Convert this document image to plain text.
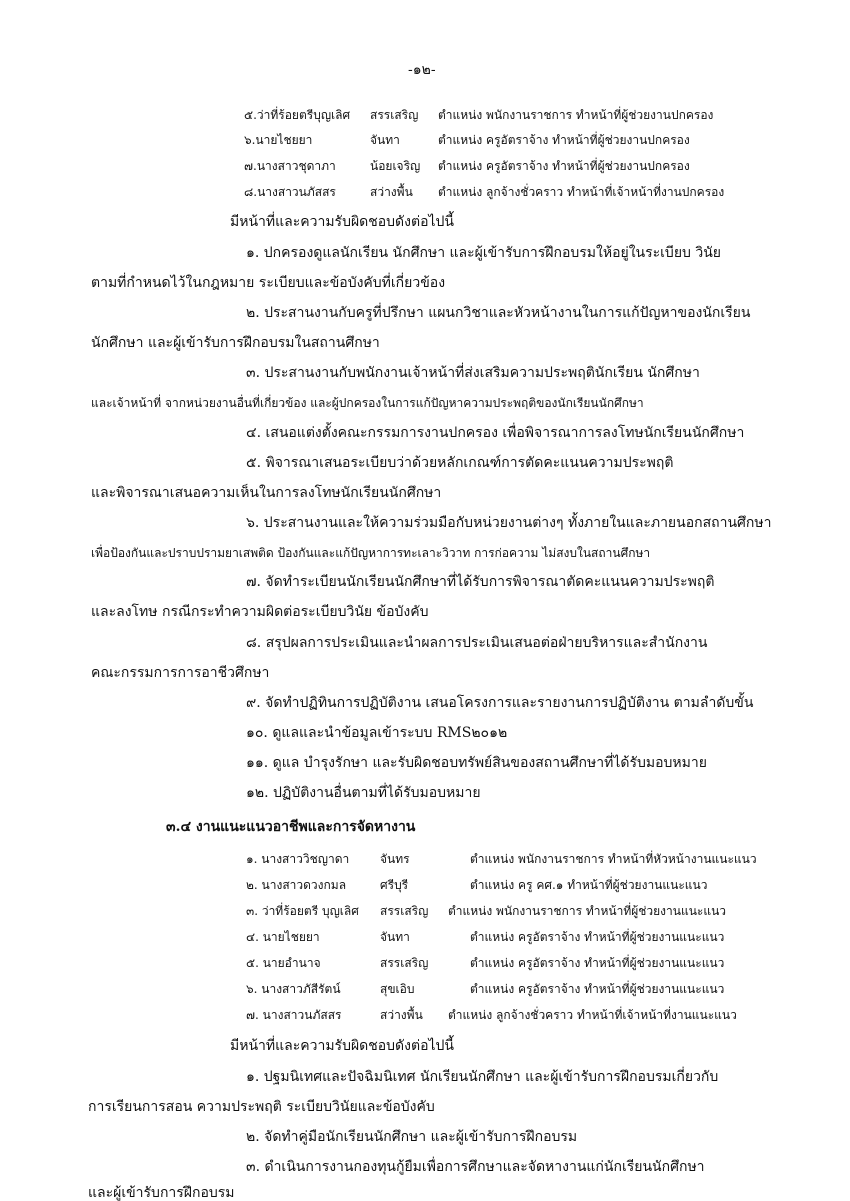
-๑๒-
๕.ว่าที่ร้อยตรีบุญเลิศ สรรเสริญ ตำแหน่ง พนักงานราชการ ทำหน้าที่ผู้ช่วยงานปกครอง
๖.นายไชยยา	จันทา	ตำแหน่ง ครูอัตราจ้าง ทำหน้าที่ผู้ช่วยงานปกครอง
๗.นางสาวชุดาภา	น้อยเจริญ ตำแหน่ง ครูอัตราจ้าง ทำหน้าที่ผู้ช่วยงานปกครอง
๘.นางสาวนภัสสร	สว่างพื้น ตำแหน่ง ลูกจ้างชั่วคราว ทำหน้าที่เจ้าหน้าที่งานปกครอง
มีหน้าที่และความรับผิดชอบดังต่อไปนี้
๑. ปกครองดูแลนักเรียน นักศึกษา และผู้เข้ารับการฝึกอบรมให้อยู่ในระเบียบ วินัย
ตามที่กำหนดไว้ในกฎหมาย ระเบียบและข้อบังคับที่เกี่ยวข้อง
๒. ประสานงานกับครูที่ปรึกษา แผนกวิชาและหัวหน้างานในการแก้ปัญหาของนักเรียน
นักศึกษา และผู้เข้ารับการฝึกอบรมในสถานศึกษา
๓. ประสานงานกับพนักงานเจ้าหน้าที่ส่งเสริมความประพฤตินักเรียน นักศึกษา
และเจ้าหน้าที่ จากหน่วยงานอื่นที่เกี่ยวข้อง และผู้ปกครองในการแก้ปัญหาความประพฤติของนักเรียนนักศึกษา
๔. เสนอแต่งตั้งคณะกรรมการงานปกครอง เพื่อพิจารณาการลงโทษนักเรียนนักศึกษา
๕. พิจารณาเสนอระเบียบว่าด้วยหลักเกณฑ์การตัดคะแนนความประพฤติ
และพิจารณาเสนอความเห็นในการลงโทษนักเรียนนักศึกษา
๖. ประสานงานและให้ความร่วมมือกับหน่วยงานต่างๆ ทั้งภายในและภายนอกสถานศึกษา
เพื่อป้องกันและปราบปรามยาเสพติด ป้องกันและแก้ปัญหาการทะเลาะวิวาท การก่อความ ไม่สงบในสถานศึกษา
๗. จัดทำระเบียนนักเรียนนักศึกษาที่ได้รับการพิจารณาตัดคะแนนความประพฤติ
และลงโทษ กรณีกระทำความผิดต่อระเบียบวินัย ข้อบังคับ
๘. สรุปผลการประเมินและนำผลการประเมินเสนอต่อฝ่ายบริหารและสำนักงาน
คณะกรรมการการอาชีวศึกษา
๙. จัดทำปฏิทินการปฏิบัติงาน เสนอโครงการและรายงานการปฏิบัติงาน ตามลำดับขั้น
๑๐. ดูแลและนำข้อมูลเข้าระบบ RMS๒๐๑๒
๑๑. ดูแล บำรุงรักษา และรับผิดชอบทรัพย์สินของสถานศึกษาที่ได้รับมอบหมาย
๑๒. ปฏิบัติงานอื่นตามที่ได้รับมอบหมาย
๓.๔ งานแนะแนวอาชีพและการจัดหางาน
๑. นางสาววิชญาดา	จันทร	ตำแหน่ง พนักงานราชการ ทำหน้าที่หัวหน้างานแนะแนว
๒. นางสาวดวงกมล	ศรีบุรี	ตำแหน่ง ครู คศ.๑ ทำหน้าที่ผู้ช่วยงานแนะแนว
๓. ว่าที่ร้อยตรี บุญเลิศ สรรเสริญ ตำแหน่ง พนักงานราชการ ทำหน้าที่ผู้ช่วยงานแนะแนว
๔. นายไชยยา	จันทา	ตำแหน่ง ครูอัตราจ้าง ทำหน้าที่ผู้ช่วยงานแนะแนว
๕. นายอำนาจ	สรรเสริญ	ตำแหน่ง ครูอัตราจ้าง ทำหน้าที่ผู้ช่วยงานแนะแนว
๖. นางสาวภัสีรัตน์	สุขเอิบ	ตำแหน่ง ครูอัตราจ้าง ทำหน้าที่ผู้ช่วยงานแนะแนว
๗. นางสาวนภัสสร	สว่างพื้น ตำแหน่ง ลูกจ้างชั่วคราว ทำหน้าที่เจ้าหน้าที่งานแนะแนว
มีหน้าที่และความรับผิดชอบดังต่อไปนี้
๑. ปฐมนิเทศและปัจฉิมนิเทศ นักเรียนนักศึกษา และผู้เข้ารับการฝึกอบรมเกี่ยวกับ
การเรียนการสอน ความประพฤติ ระเบียบวินัยและข้อบังคับ
๒. จัดทำคู่มือนักเรียนนักศึกษา และผู้เข้ารับการฝึกอบรม
๓. ดำเนินการงานกองทุนกู้ยืมเพื่อการศึกษาและจัดหางานแก่นักเรียนนักศึกษา
และผู้เข้ารับการฝึกอบรม
